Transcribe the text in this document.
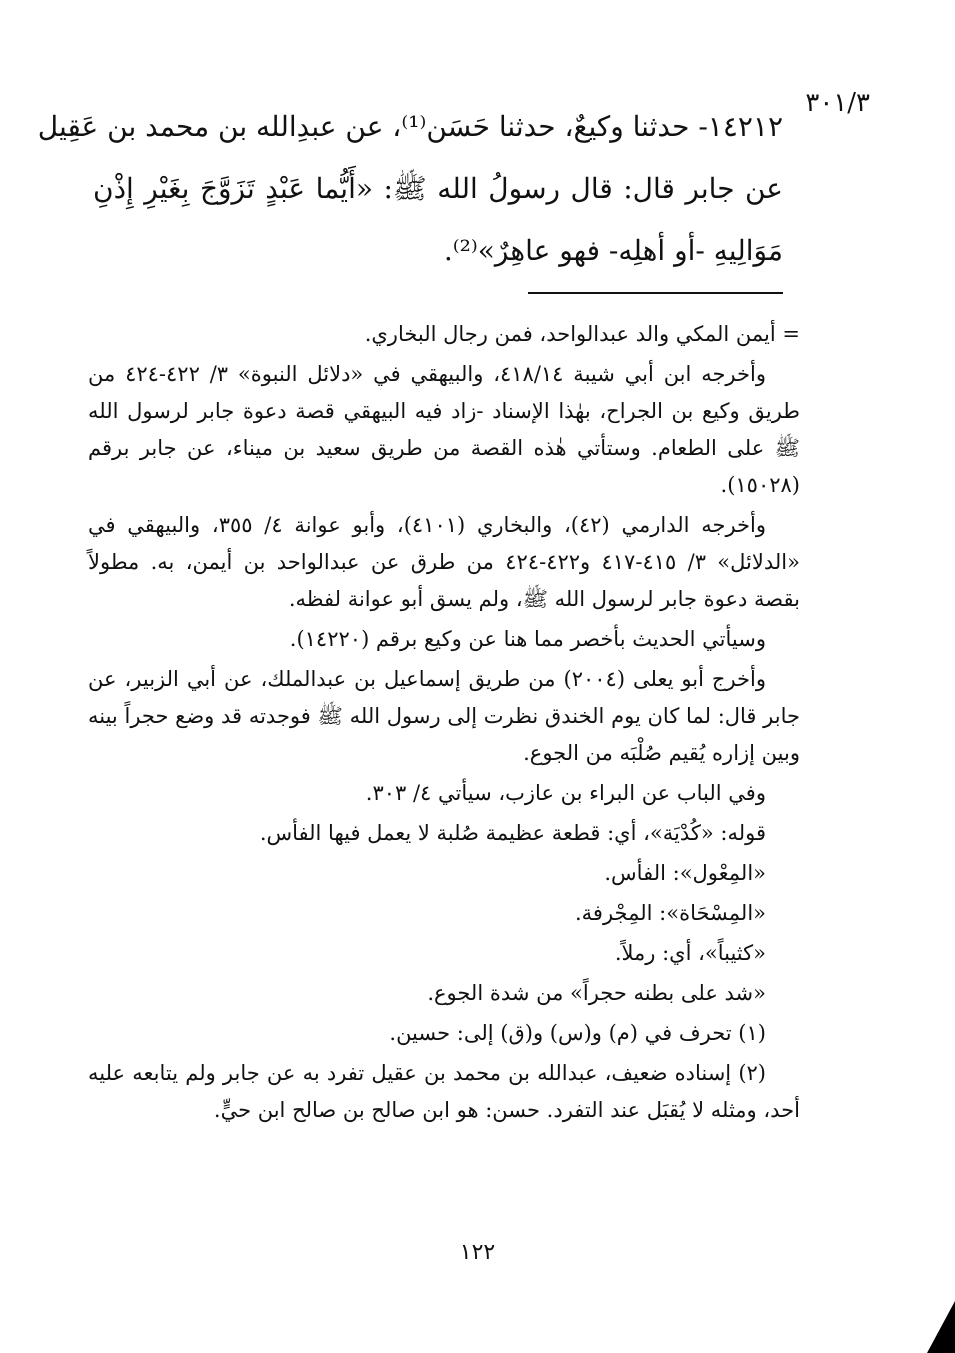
٣٠١/٣
١٤٢١٢- حدثنا وكيعٌ، حدثنا حَسَن⁽¹⁾، عن عبدِالله بن محمد بن عَقِيل
عن جابر قال: قال رسولُ الله ﷺ: «أَيُّما عَبْدٍ تَزَوَّجَ بِغَيْرِ إِذْنِ
مَوَالِيهِ -أو أهلِه- فهو عاهِرٌ»⁽²⁾.

= أيمن المكي والد عبدالواحد، فمن رجال البخاري.

وأخرجه ابن أبي شيبة ٤١٨/١٤، والبيهقي في «دلائل النبوة» ٣/ ٤٢٢-٤٢٤ من طريق وكيع بن الجراح، بهٰذا الإسناد -زاد فيه البيهقي قصة دعوة جابر لرسول الله ﷺ على الطعام. وستأتي هٰذه القصة من طريق سعيد بن ميناء، عن جابر برقم (١٥٠٢٨).

وأخرجه الدارمي (٤٢)، والبخاري (٤١٠١)، وأبو عوانة ٤/ ٣٥٥، والبيهقي في «الدلائل» ٣/ ٤١٥-٤١٧ و٤٢٢-٤٢٤ من طرق عن عبدالواحد بن أيمن، به. مطولاً بقصة دعوة جابر لرسول الله ﷺ، ولم يسق أبو عوانة لفظه.

وسيأتي الحديث بأخصر مما هنا عن وكيع برقم (١٤٢٢٠).

وأخرج أبو يعلى (٢٠٠٤) من طريق إسماعيل بن عبدالملك، عن أبي الزبير، عن جابر قال: لما كان يوم الخندق نظرت إلى رسول الله ﷺ فوجدته قد وضع حجراً بينه وبين إزاره يُقيم صُلْبَه من الجوع.

وفي الباب عن البراء بن عازب، سيأتي ٤/ ٣٠٣.

قوله: «كُدْيَة»، أي: قطعة عظيمة صُلبة لا يعمل فيها الفأس.

«المِعْول»: الفأس.

«المِسْحَاة»: المِجْرفة.

«كثيباً»، أي: رملاً.

«شد على بطنه حجراً» من شدة الجوع.

(١) تحرف في (م) و(س) و(ق) إلى: حسين.

(٢) إسناده ضعيف، عبدالله بن محمد بن عقيل تفرد به عن جابر ولم يتابعه عليه أحد، ومثله لا يُقبَل عند التفرد. حسن: هو ابن صالح بن صالح ابن حيٍّ.

١٢٢
